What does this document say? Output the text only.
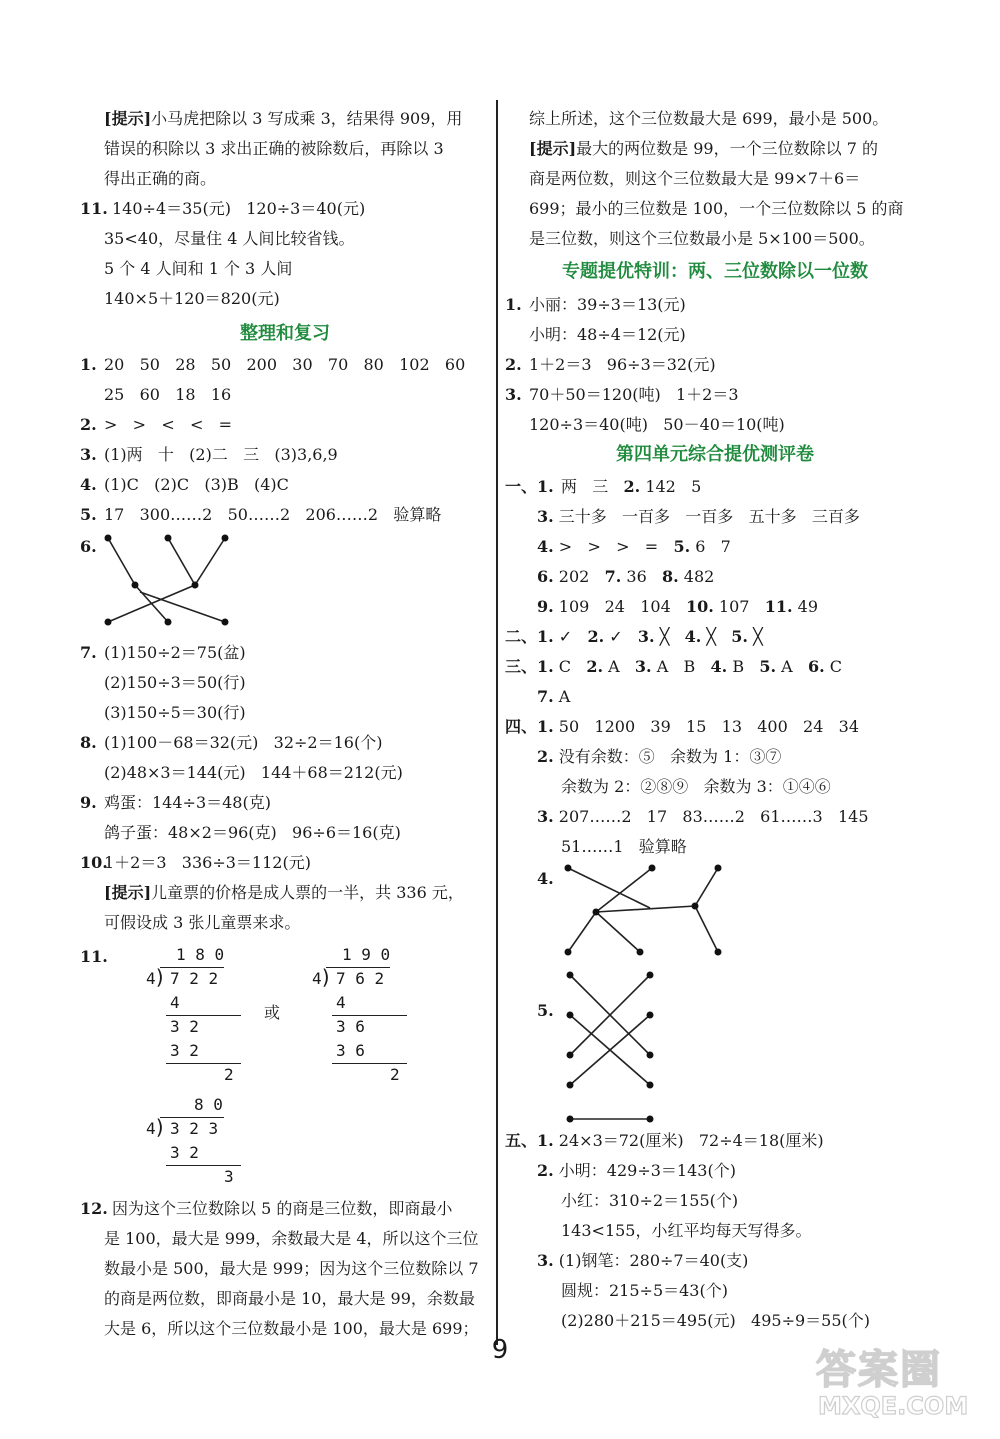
[提示]小马虎把除以 3 写成乘 3，结果得 909，用
错误的积除以 3 求出正确的被除数后，再除以 3
得出正确的商。
11. 140÷4＝35(元)   120÷3＝40(元)
35<40，尽量住 4 人间比较省钱。
5 个 4 人间和 1 个 3 人间
140×5＋120＝820(元)
整理和复习
1. 20   50   28   50   200   30   70   80   102   60
25   60   18   16
2. >   >   <   <   =
3. (1)两   十   (2)二   三   (3)3,6,9
4. (1)C   (2)C   (3)B   (4)C
5. 17   300……2   50……2   206……2   验算略
6.
7. (1)150÷2＝75(盆)
(2)150÷3＝50(行)
(3)150÷5＝30(行)
8. (1)100－68＝32(元)   32÷2＝16(个)
(2)48×3＝144(元)   144＋68＝212(元)
9. 鸡蛋：144÷3＝48(克)
鸽子蛋：48×2＝96(克)   96÷6＝16(克)
10.
1＋2＝3   336÷3＝112(元)
[提示]儿童票的价格是成人票的一半，共 336 元，
可假设成 3 张儿童票来求。
11.	1 8 0
4
) 7 2 2
4
3 2
3 2
2
或
1 9 0
4
) 7 6 2
4
3 6
3 6
2
8 0
4
) 3 2 3
3 2
3
12. 因为这个三位数除以 5 的商是三位数，即商最小
是 100，最大是 999，余数最大是 4，所以这个三位
数最小是 500，最大是 999；因为这个三位数除以 7
的商是两位数，即商最小是 10，最大是 99，余数最
大是 6，所以这个三位数最小是 100，最大是 699；
综上所述，这个三位数最大是 699，最小是 500。
[提示]最大的两位数是 99，一个三位数除以 7 的
商是两位数，则这个三位数最大是 99×7＋6＝
699；最小的三位数是 100，一个三位数除以 5 的商
是三位数，则这个三位数最小是 5×100＝500。
专题提优特训：两、三位数除以一位数
1. 小丽：39÷3＝13(元)
小明：48÷4＝12(元)
2. 1＋2＝3   96÷3＝32(元)
3. 70＋50＝120(吨)   1＋2＝3
120÷3＝40(吨)   50－40＝10(吨)
第四单元综合提优测评卷
一、1. 两   三   2. 142   5
3. 三十多   一百多   一百多   五十多   三百多
4. >   >   >   =   5. 6   7
6. 202   7. 36   8. 482
9. 109   24   104   10. 107   11. 49
二、1. ✓   2. ✓   3. ╳   4. ╳   5. ╳
三、1. C   2. A   3. A   B   4. B   5. A   6. C
7. A
四、1. 50   1200   39   15   13   400   24   34
2. 没有余数：⑤   余数为 1：③⑦
余数为 2：②⑧⑨   余数为 3：①④⑥
3. 207……2   17   83……2   61……3   145
51……1   验算略
4.
5.
五、1. 24×3＝72(厘米)   72÷4＝18(厘米)
2. 小明：429÷3＝143(个)
小红：310÷2＝155(个)
143<155，小红平均每天写得多。
3. (1)钢笔：280÷7＝40(支)
圆规：215÷5＝43(个)
(2)280＋215＝495(元)   495÷9＝55(个)
9	答案圈
MXQE.COM
